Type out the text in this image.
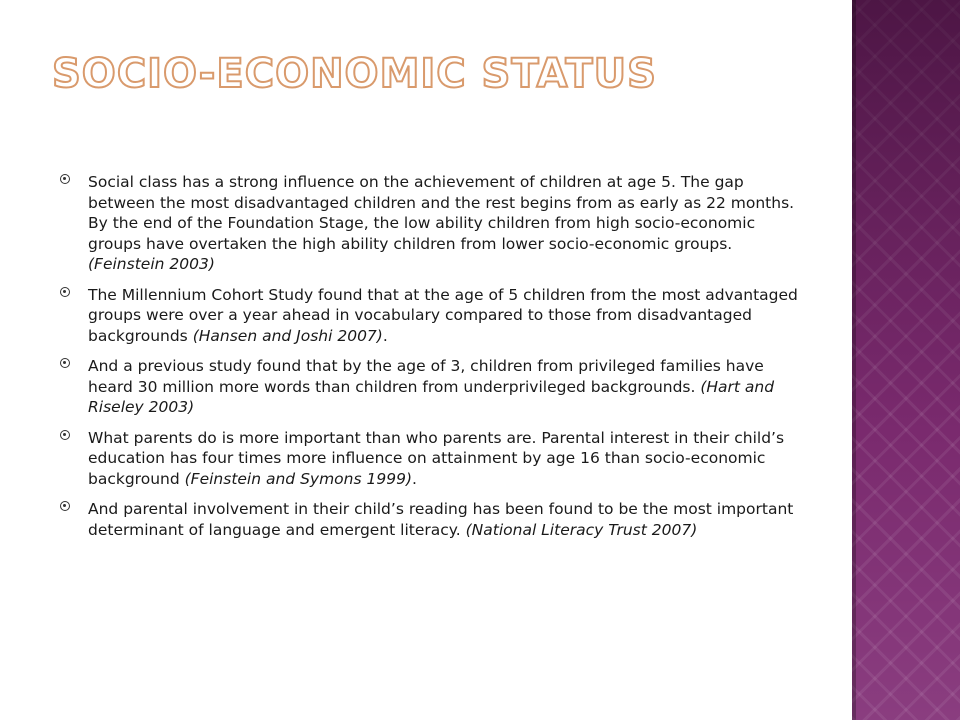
SOCIO-ECONOMIC STATUS
Social class has a strong influence on the achievement of children at age 5. The gap between the most disadvantaged children and the rest begins from as early as 22 months. By the end of the Foundation Stage, the low ability children from high socio-economic groups have overtaken the high ability children from lower socio-economic groups. (Feinstein 2003)
The Millennium Cohort Study found that at the age of 5 children from the most advantaged groups were over a year ahead in vocabulary compared to those from disadvantaged backgrounds (Hansen and Joshi 2007).
And a previous study found that by the age of 3, children from privileged families have heard 30 million more words than children from underprivileged backgrounds. (Hart and Riseley 2003)
What parents do is more important than who parents are. Parental interest in their child’s education has four times more influence on attainment by age 16 than socio-economic background (Feinstein and Symons 1999).
And parental involvement in their child’s reading has been found to be the most important determinant of language and emergent literacy. (National Literacy Trust 2007)
